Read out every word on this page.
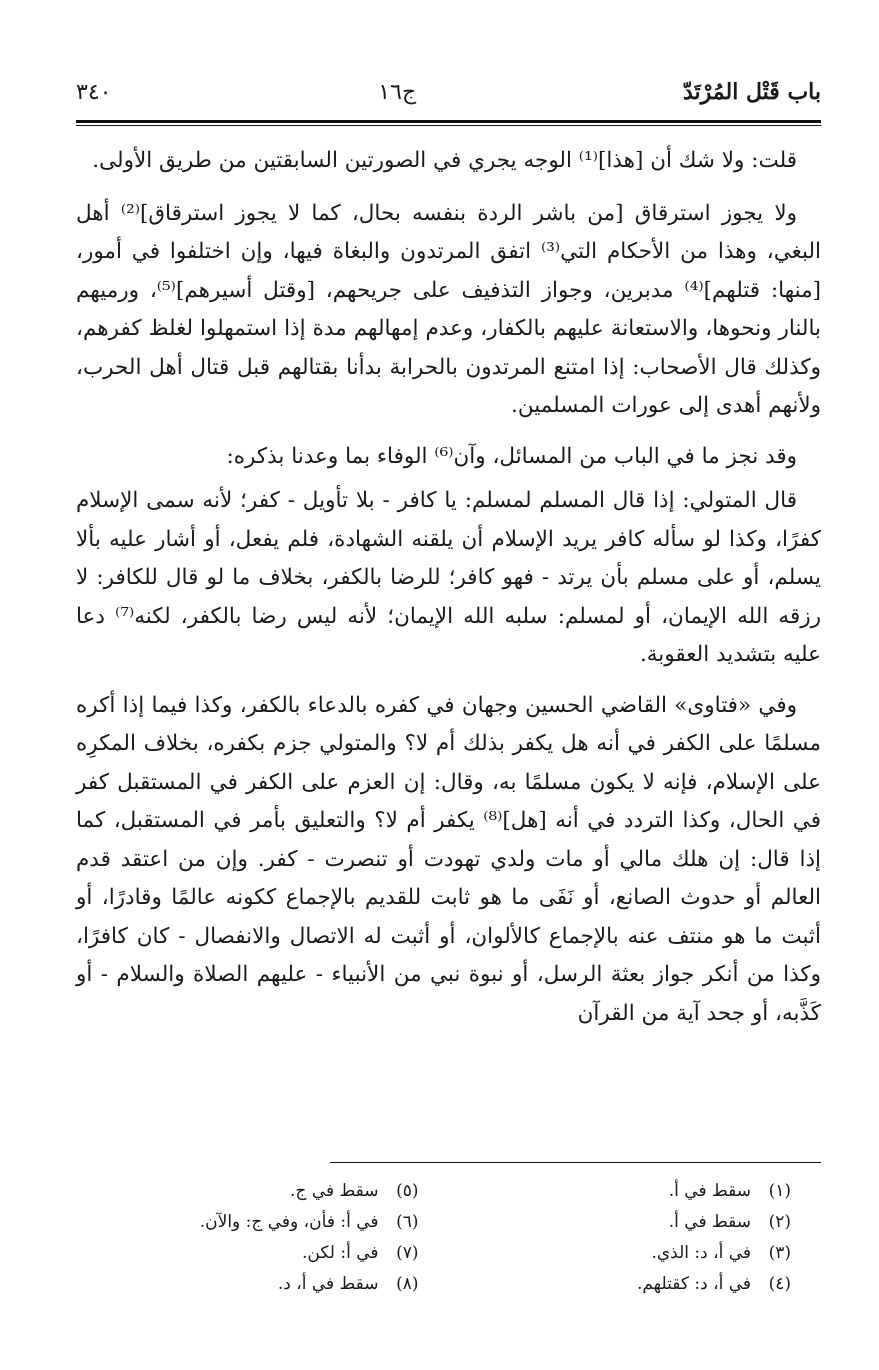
باب قَتْل المُرْتَدّ
ج١٦
٣٤٠

قلت: ولا شك أن [هذا]⁽¹⁾ الوجه يجري في الصورتين السابقتين من طريق الأولى.

ولا يجوز استرقاق [من باشر الردة بنفسه بحال، كما لا يجوز استرقاق]⁽²⁾ أهل البغي، وهذا من الأحكام التي⁽³⁾ اتفق المرتدون والبغاة فيها، وإن اختلفوا في أمور، [منها: قتلهم]⁽⁴⁾ مدبرين، وجواز التذفيف على جريحهم، [وقتل أسيرهم]⁽⁵⁾، ورميهم بالنار ونحوها، والاستعانة عليهم بالكفار، وعدم إمهالهم مدة إذا استمهلوا لغلظ كفرهم، وكذلك قال الأصحاب: إذا امتنع المرتدون بالحرابة بدأنا بقتالهم قبل قتال أهل الحرب، ولأنهم أهدى إلى عورات المسلمين.

وقد نجز ما في الباب من المسائل، وآن⁽⁶⁾ الوفاء بما وعدنا بذكره:

قال المتولي: إذا قال المسلم لمسلم: يا كافر - بلا تأويل - كفر؛ لأنه سمى الإسلام كفرًا، وكذا لو سأله كافر يريد الإسلام أن يلقنه الشهادة، فلم يفعل، أو أشار عليه بألا يسلم، أو على مسلم بأن يرتد - فهو كافر؛ للرضا بالكفر، بخلاف ما لو قال للكافر: لا رزقه الله الإيمان، أو لمسلم: سلبه الله الإيمان؛ لأنه ليس رضا بالكفر، لكنه⁽⁷⁾ دعا عليه بتشديد العقوبة.

وفي «فتاوى» القاضي الحسين وجهان في كفره بالدعاء بالكفر، وكذا فيما إذا أكره مسلمًا على الكفر في أنه هل يكفر بذلك أم لا؟ والمتولي جزم بكفره، بخلاف المكرِه على الإسلام، فإنه لا يكون مسلمًا به، وقال: إن العزم على الكفر في المستقبل كفر في الحال، وكذا التردد في أنه [هل]⁽⁸⁾ يكفر أم لا؟ والتعليق بأمر في المستقبل، كما إذا قال: إن هلك مالي أو مات ولدي تهودت أو تنصرت - كفر. وإن من اعتقد قدم العالم أو حدوث الصانع، أو نَفَى ما هو ثابت للقديم بالإجماع ككونه عالمًا وقادرًا، أو أثبت ما هو منتف عنه بالإجماع كالألوان، أو أثبت له الاتصال والانفصال - كان كافرًا، وكذا من أنكر جواز بعثة الرسل، أو نبوة نبي من الأنبياء - عليهم الصلاة والسلام - أو كَذَّبه، أو جحد آية من القرآن

(١)سقط في أ.
(٢)سقط في أ.
(٣)في أ، د: الذي.
(٤)في أ، د: كقتلهم.
(٥)سقط في ج.
(٦)في أ: فأن، وفي ج: والآن.
(٧)في أ: لكن.
(٨)سقط في أ، د.
